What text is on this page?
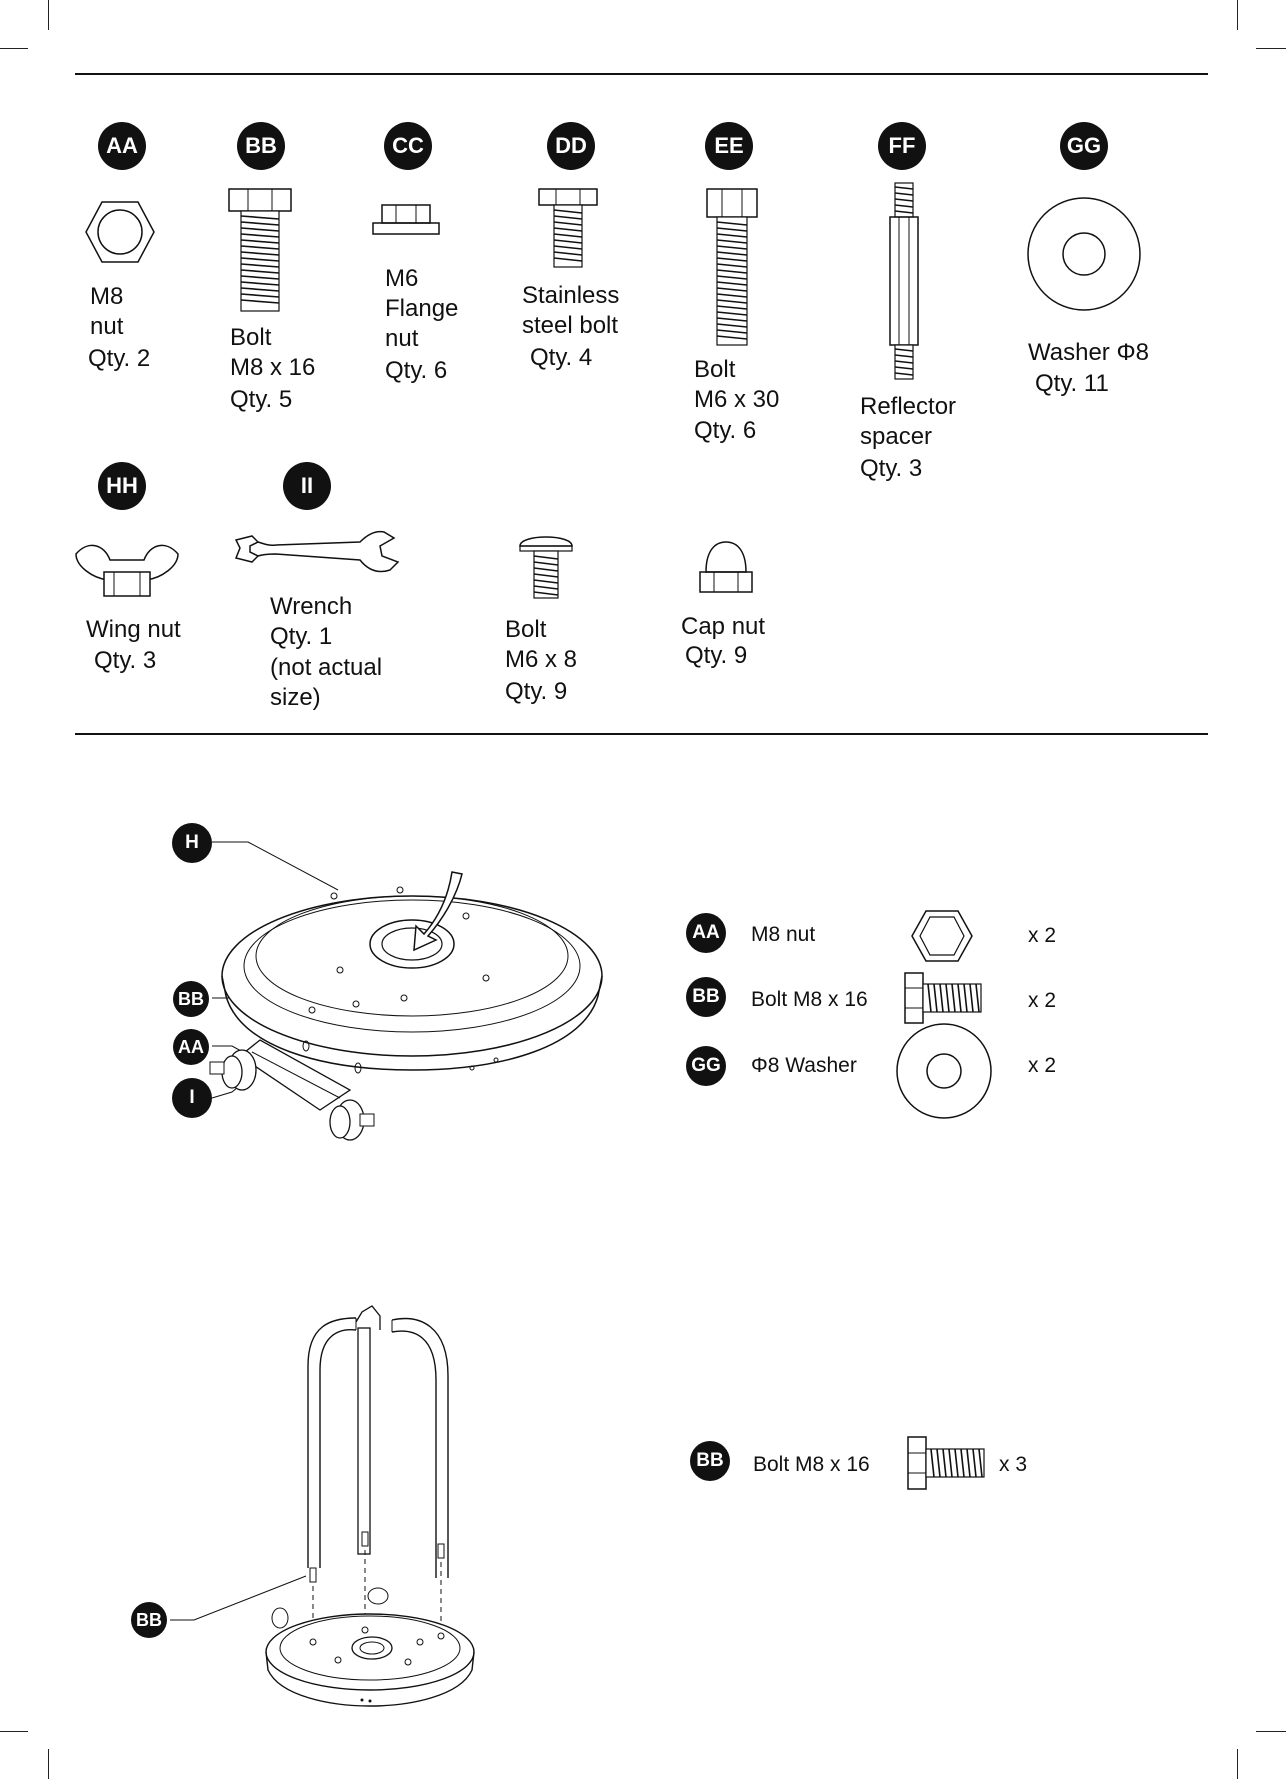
AA
M8
nut
Qty. 2
BB
Bolt
M8 x 16
Qty. 5
CC
M6
Flange
nut
Qty. 6
DD
Stainless
steel bolt
Qty. 4
EE
Bolt
M6 x 30
Qty. 6
FF
Reflector
spacer
Qty. 3
GG
Washer Φ8
Qty. 11
HH
Wing nut
Qty. 3
II
Wrench
Qty. 1
(not actual
size)
Bolt
M6 x 8
Qty. 9
Cap nut
Qty. 9
H
BB
AA
I
AA M8 nut	x 2
BB Bolt M8 x 16	x 2
GG Φ8 Washer	x 2
BB
BB Bolt M8 x 16	x 3
